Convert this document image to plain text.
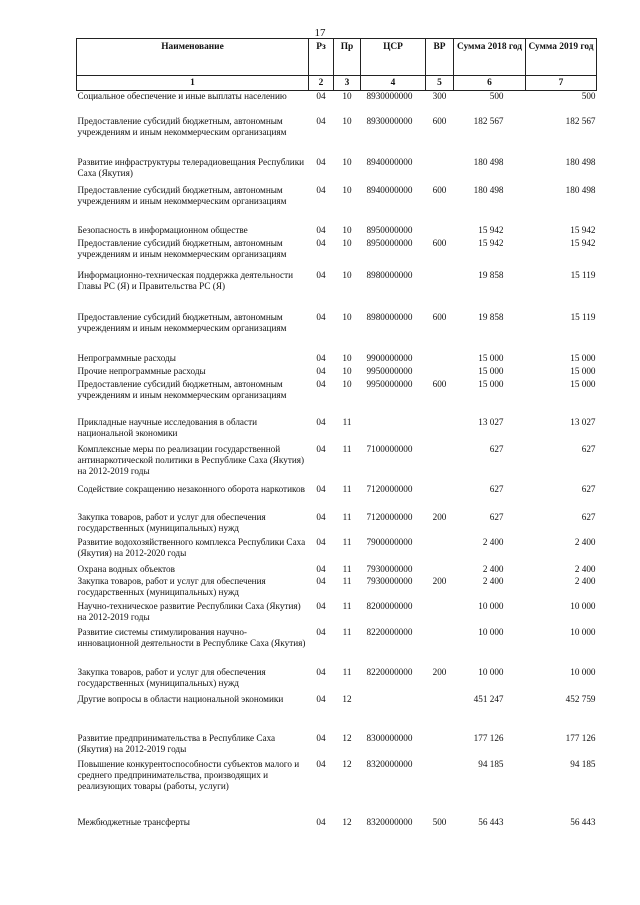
17
Наименование	Рз	Пр	ЦСР	ВР	Сумма 2018 год	Сумма 2019 год
1	2	3	4	5	6	7
Социальное обеспечение и иные выплаты населению	04	10	8930000000	300	500	500
Предоставление субсидий бюджетным, автономным учреждениям и иным некоммерческим организациям	04	10	8930000000	600	182 567	182 567
Развитие инфраструктуры телерадиовещания Республики Саха (Якутия)	04	10	8940000000		180 498	180 498
Предоставление субсидий бюджетным, автономным учреждениям и иным некоммерческим организациям	04	10	8940000000	600	180 498	180 498
Безопасность в информационном обществе	04	10	8950000000		15 942	15 942
Предоставление субсидий бюджетным, автономным учреждениям и иным некоммерческим организациям	04	10	8950000000	600	15 942	15 942
Информационно-техническая поддержка деятельности Главы РС (Я) и Правительства РС (Я)	04	10	8980000000		19 858	15 119
Предоставление субсидий бюджетным, автономным учреждениям и иным некоммерческим организациям	04	10	8980000000	600	19 858	15 119
Непрограммные расходы	04	10	9900000000		15 000	15 000
Прочие непрограммные расходы	04	10	9950000000		15 000	15 000
Предоставление субсидий бюджетным, автономным учреждениям и иным некоммерческим организациям	04	10	9950000000	600	15 000	15 000
Прикладные научные исследования в области национальной экономики	04	11			13 027	13 027
Комплексные меры по реализации государственной антинаркотической политики в Республике Саха (Якутия) на 2012-2019 годы	04	11	7100000000		627	627
Содействие сокращению незаконного оборота наркотиков	04	11	7120000000		627	627
Закупка товаров, работ и услуг для обеспечения государственных (муниципальных) нужд	04	11	7120000000	200	627	627
Развитие водохозяйственного комплекса Республики Саха (Якутия) на 2012-2020 годы	04	11	7900000000		2 400	2 400
Охрана водных объектов	04	11	7930000000		2 400	2 400
Закупка товаров, работ и услуг для обеспечения государственных (муниципальных) нужд	04	11	7930000000	200	2 400	2 400
Научно-техническое развитие Республики Саха (Якутия) на 2012-2019 годы	04	11	8200000000		10 000	10 000
Развитие системы стимулирования научно-инновационной деятельности в Республике Саха (Якутия)	04	11	8220000000		10 000	10 000
Закупка товаров, работ и услуг для обеспечения государственных (муниципальных) нужд	04	11	8220000000	200	10 000	10 000
Другие вопросы в области национальной экономики	04	12			451 247	452 759
Развитие предпринимательства в Республике Саха (Якутия) на 2012-2019 годы	04	12	8300000000		177 126	177 126
Повышение конкурентоспособности субъектов малого и среднего предпринимательства, производящих и реализующих товары (работы, услуги)	04	12	8320000000		94 185	94 185
Межбюджетные трансферты	04	12	8320000000	500	56 443	56 443
